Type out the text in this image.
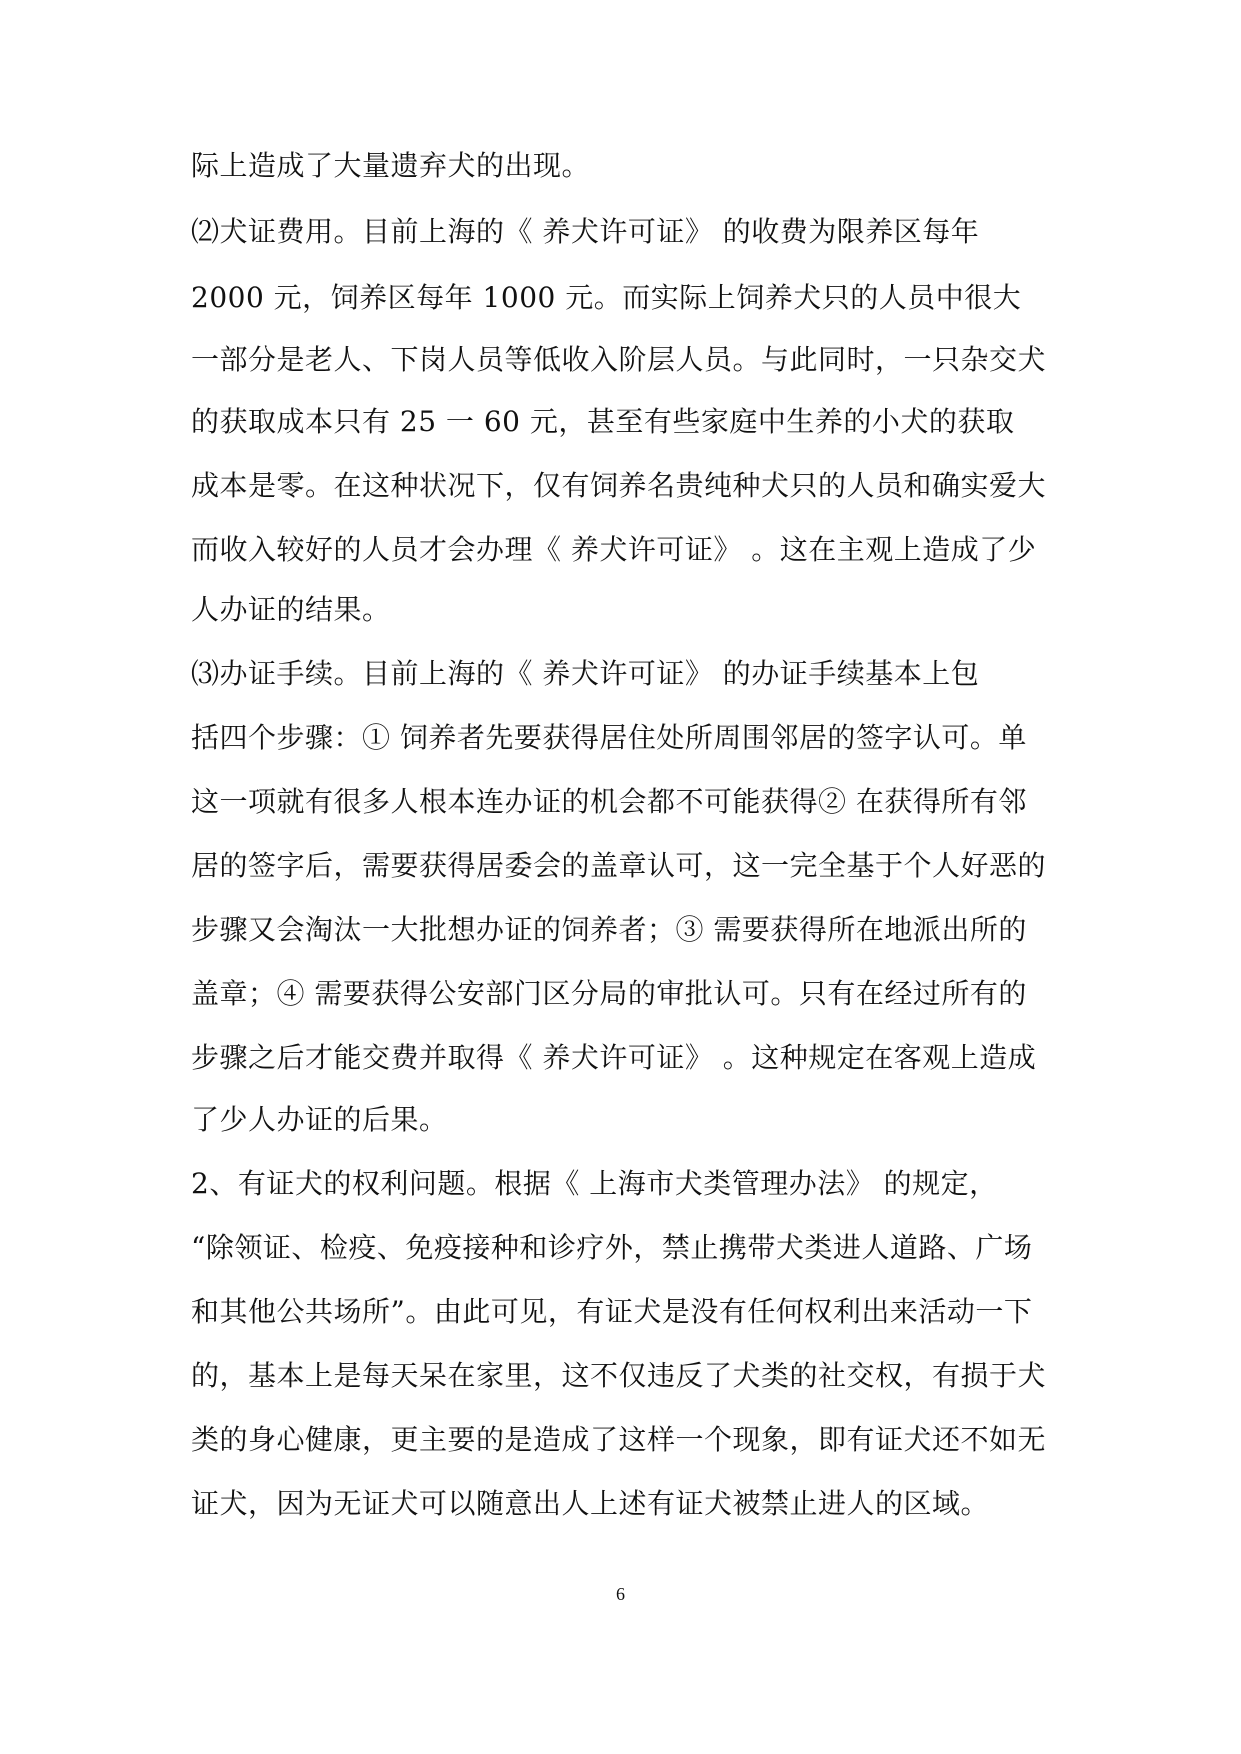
际上造成了大量遗弃犬的出现。
⑵犬证费用。目前上海的《 养犬许可证》 的收费为限养区每年
2000 元，饲养区每年 1000 元。而实际上饲养犬只的人员中很大
一部分是老人、下岗人员等低收入阶层人员。与此同时，一只杂交犬
的获取成本只有 25 一 60 元，甚至有些家庭中生养的小犬的获取
成本是零。在这种状况下，仅有饲养名贵纯种犬只的人员和确实爱大
而收入较好的人员才会办理《 养犬许可证》 。这在主观上造成了少
人办证的结果。
⑶办证手续。目前上海的《 养犬许可证》 的办证手续基本上包
括四个步骤：① 饲养者先要获得居住处所周围邻居的签字认可。单
这一项就有很多人根本连办证的机会都不可能获得② 在获得所有邻
居的签字后，需要获得居委会的盖章认可，这一完全基于个人好恶的
步骤又会淘汰一大批想办证的饲养者；③ 需要获得所在地派出所的
盖章；④ 需要获得公安部门区分局的审批认可。只有在经过所有的
步骤之后才能交费并取得《 养犬许可证》 。这种规定在客观上造成
了少人办证的后果。
2、有证犬的权利问题。根据《 上海市犬类管理办法》 的规定，
“除领证、检疫、免疫接种和诊疗外，禁止携带犬类进人道路、广场
和其他公共场所”。由此可见，有证犬是没有任何权利出来活动一下
的，基本上是每天呆在家里，这不仅违反了犬类的社交权，有损于犬
类的身心健康，更主要的是造成了这样一个现象，即有证犬还不如无
证犬，因为无证犬可以随意出人上述有证犬被禁止进人的区域。
6
